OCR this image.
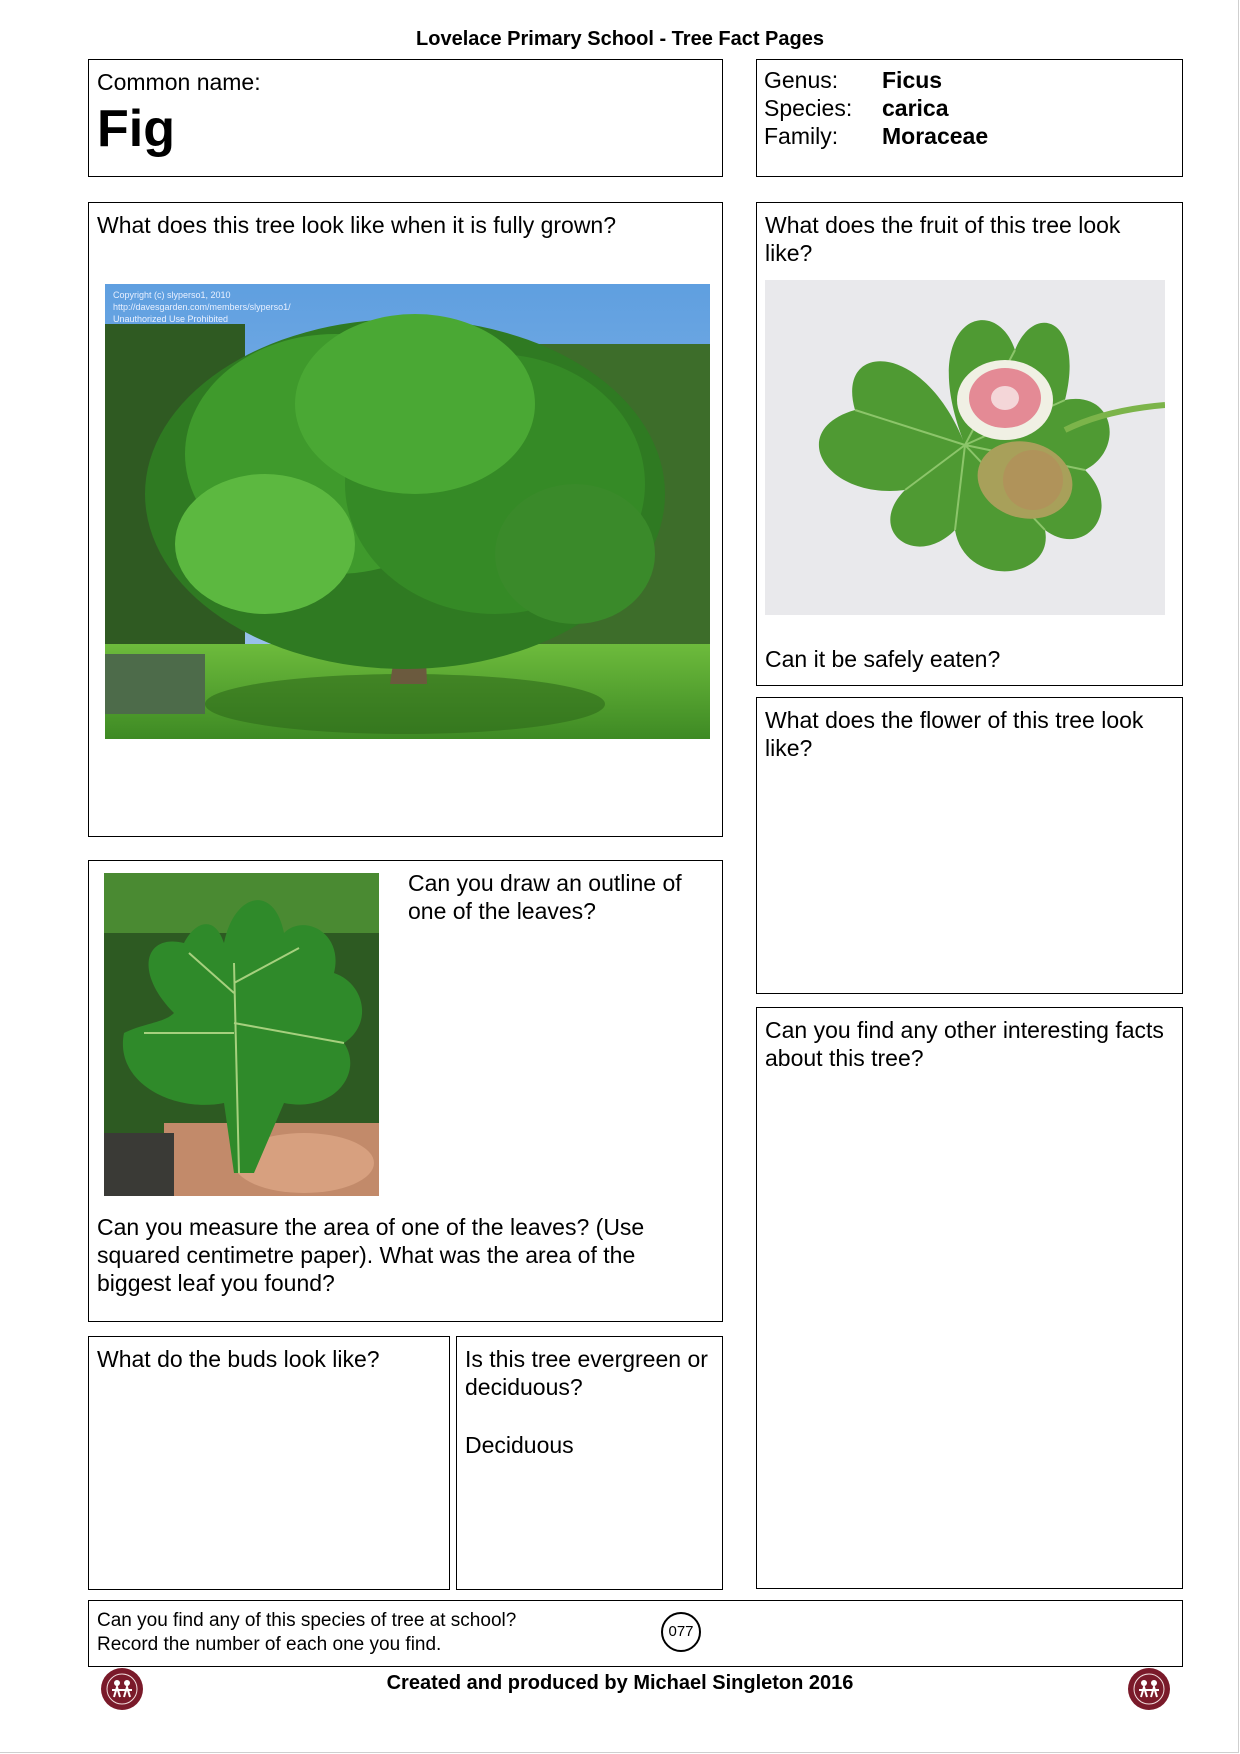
Lovelace Primary School - Tree Fact Pages
Common name:
Fig
Genus: Ficus
Species: carica
Family: Moraceae
What does this tree look like when it is fully grown?
Copyright (c) slyperso1, 2010
http://davesgarden.com/members/slyperso1/
Unauthorized Use Prohibited
What does the fruit of this tree look like?
Can it be safely eaten?
What does the flower of this tree look like?
Can you draw an outline of one of the leaves?
Can you measure the area of one of the leaves? (Use squared centimetre paper). What was the area of the biggest leaf you found?
Can you find any other interesting facts about this tree?
What do the buds look like?	Is this tree evergreen or deciduous?
Deciduous
Can you find any of this species of tree at school?
Record the number of each one you find.
077
Created and produced by Michael Singleton 2016
